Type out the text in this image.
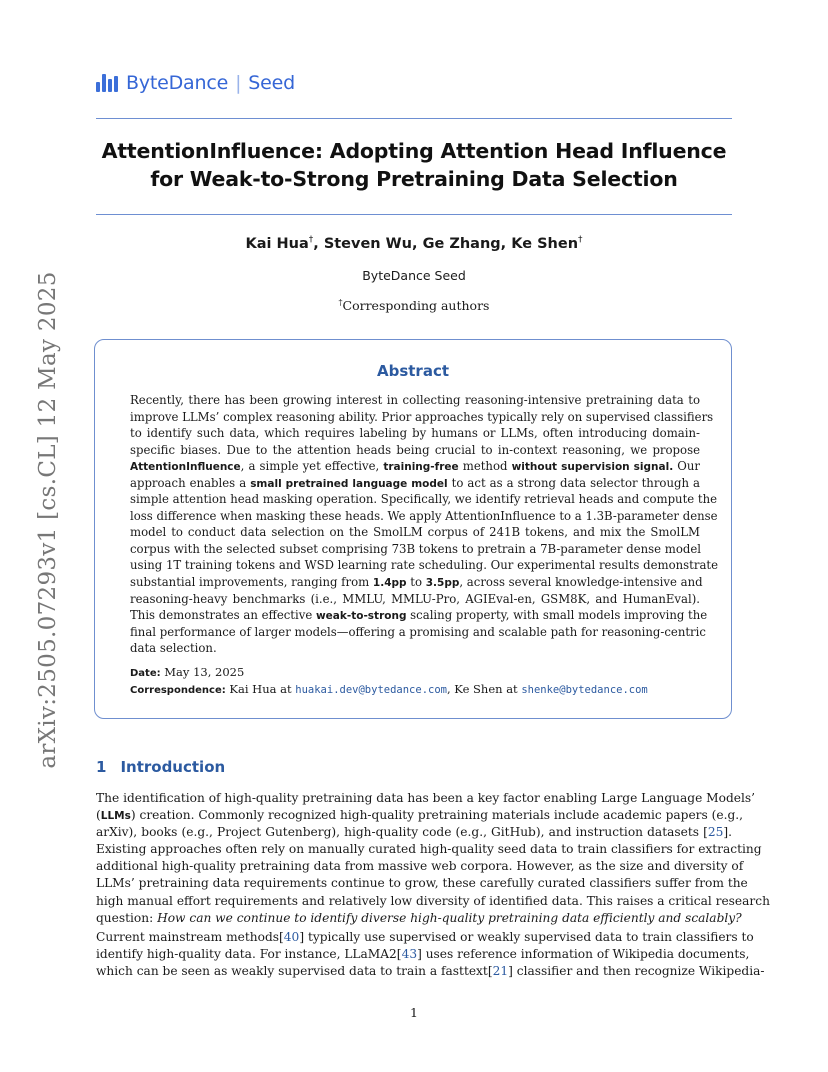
ByteDance | Seed
AttentionInfluence: Adopting Attention Head Influence
for Weak-to-Strong Pretraining Data Selection
Kai Hua†, Steven Wu, Ge Zhang, Ke Shen†
ByteDance Seed
†Corresponding authors
arXiv:2505.07293v1 [cs.CL] 12 May 2025	Abstract
Recently, there has been growing interest in collecting reasoning-intensive pretraining data to
improve LLMs’ complex reasoning ability. Prior approaches typically rely on supervised classifiers
to identify such data, which requires labeling by humans or LLMs, often introducing domain-
specific biases. Due to the attention heads being crucial to in-context reasoning, we propose
AttentionInfluence, a simple yet effective, training-free method without supervision signal. Our
approach enables a small pretrained language model to act as a strong data selector through a
simple attention head masking operation. Specifically, we identify retrieval heads and compute the
loss difference when masking these heads. We apply AttentionInfluence to a 1.3B-parameter dense
model to conduct data selection on the SmolLM corpus of 241B tokens, and mix the SmolLM
corpus with the selected subset comprising 73B tokens to pretrain a 7B-parameter dense model
using 1T training tokens and WSD learning rate scheduling. Our experimental results demonstrate
substantial improvements, ranging from 1.4pp to 3.5pp, across several knowledge-intensive and
reasoning-heavy benchmarks (i.e., MMLU, MMLU-Pro, AGIEval-en, GSM8K, and HumanEval).
This demonstrates an effective weak-to-strong scaling property, with small models improving the
final performance of larger models—offering a promising and scalable path for reasoning-centric
data selection.
Date: May 13, 2025
Correspondence: Kai Hua at huakai.dev@bytedance.com, Ke Shen at shenke@bytedance.com
1 Introduction
The identification of high-quality pretraining data has been a key factor enabling Large Language Models’
(LLMs) creation. Commonly recognized high-quality pretraining materials include academic papers (e.g.,
arXiv), books (e.g., Project Gutenberg), high-quality code (e.g., GitHub), and instruction datasets [25].
Existing approaches often rely on manually curated high-quality seed data to train classifiers for extracting
additional high-quality pretraining data from massive web corpora. However, as the size and diversity of
LLMs’ pretraining data requirements continue to grow, these carefully curated classifiers suffer from the
high manual effort requirements and relatively low diversity of identified data. This raises a critical research
question: How can we continue to identify diverse high-quality pretraining data efficiently and scalably?
Current mainstream methods[40] typically use supervised or weakly supervised data to train classifiers to
identify high-quality data. For instance, LLaMA2[43] uses reference information of Wikipedia documents,
which can be seen as weakly supervised data to train a fasttext[21] classifier and then recognize Wikipedia-
1
